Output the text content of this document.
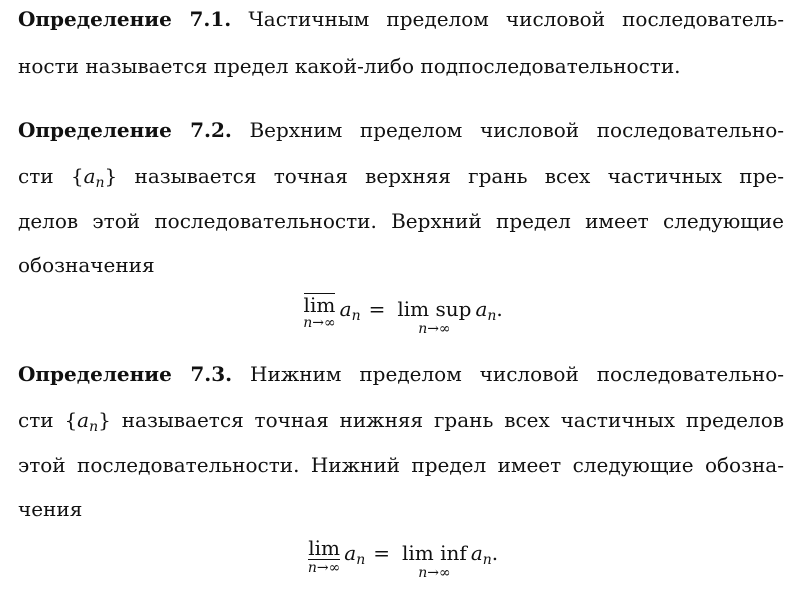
Определение 7.1. Частичным пределом числовой последователь-
ности называется предел какой-либо подпоследовательности.
Определение 7.2. Верхним пределом числовой последовательно-
сти $\{a_n\}$ называется точная верхняя грань всех частичных пре-
делов этой последовательности. Верхний предел имеет следующие
обозначения
lim
n→∞
$a_n = \lim$ sup
n→∞
$a_n$ .
Определение 7.3. Нижним пределом числовой последовательно-
сти $\{a_n\}$ называется точная нижняя грань всех частичных пределов
этой последовательности. Нижний предел имеет следующие обозна-
чения
lim
n→∞
$a_n = \lim$ inf
n→∞
$a_n$ .
